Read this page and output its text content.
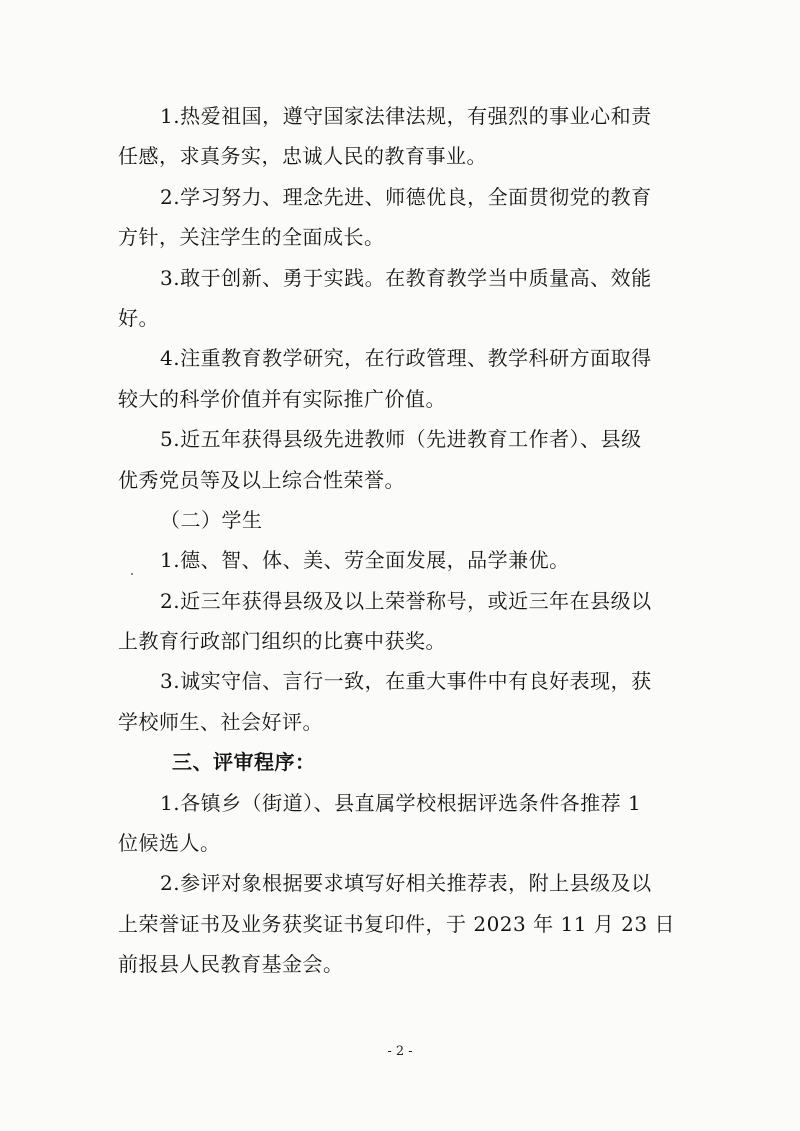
1.热爱祖国，遵守国家法律法规，有强烈的事业心和责
任感，求真务实，忠诚人民的教育事业。
2.学习努力、理念先进、师德优良，全面贯彻党的教育
方针，关注学生的全面成长。
3.敢于创新、勇于实践。在教育教学当中质量高、效能
好。
4.注重教育教学研究，在行政管理、教学科研方面取得
较大的科学价值并有实际推广价值。
5.近五年获得县级先进教师（先进教育工作者）、县级
优秀党员等及以上综合性荣誉。
（二）学生
1.德、智、体、美、劳全面发展，品学兼优。
2.近三年获得县级及以上荣誉称号，或近三年在县级以
上教育行政部门组织的比赛中获奖。
3.诚实守信、言行一致，在重大事件中有良好表现，获
学校师生、社会好评。
三、评审程序：
1.各镇乡（街道）、县直属学校根据评选条件各推荐 1
位候选人。
2.参评对象根据要求填写好相关推荐表，附上县级及以
上荣誉证书及业务获奖证书复印件，于 2023 年 11 月 23 日
前报县人民教育基金会。
- 2 -
